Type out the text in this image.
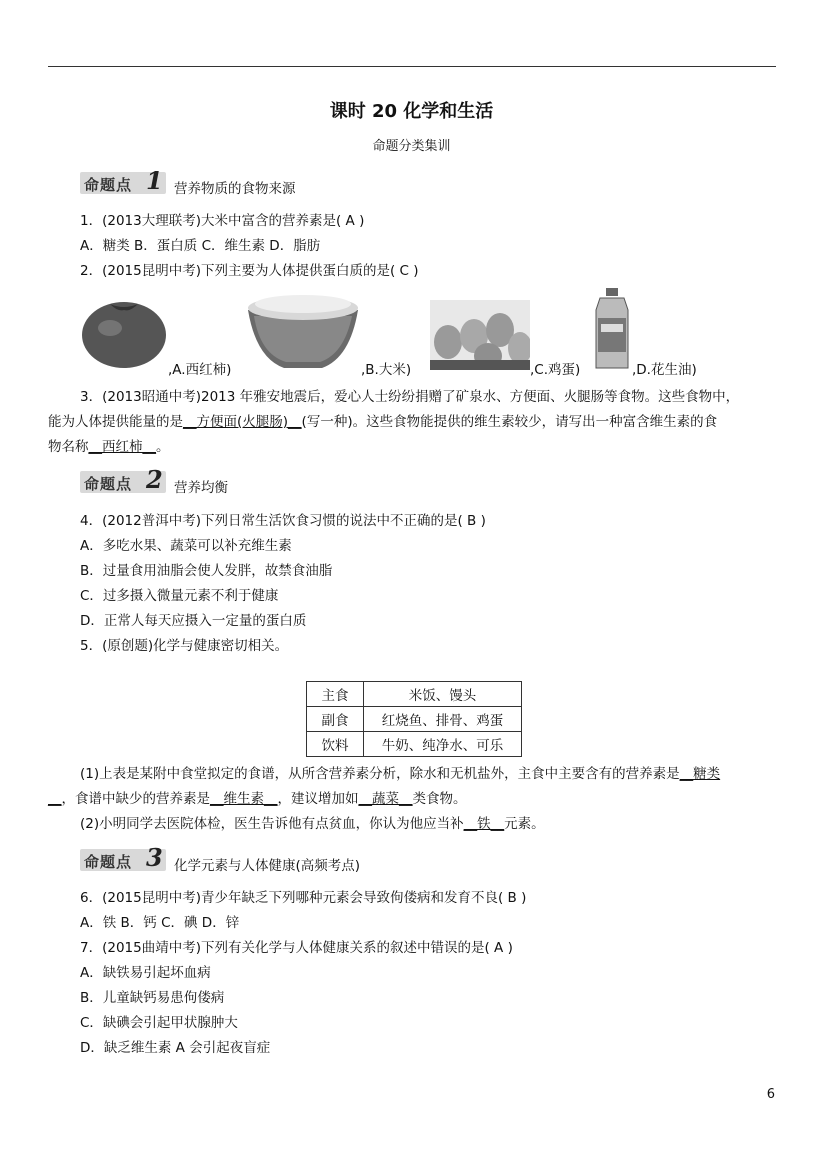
课时 20 化学和生活
命题分类集训
命题点 1 营养物质的食物来源
1．(2013大理联考)大米中富含的营养素是( A )
A．糖类 B．蛋白质 C．维生素 D．脂肪
2．(2015昆明中考)下列主要为人体提供蛋白质的是( C )
,A.西红柿)	,B.大米)	,C.鸡蛋)	,D.花生油)
3．(2013昭通中考)2013 年雅安地震后，爱心人士纷纷捐赠了矿泉水、方便面、火腿肠等食物。这些食物中，
能为人体提供能量的是__方便面(火腿肠)__(写一种)。这些食物能提供的维生素较少，请写出一种富含维生素的食
物名称__西红柿__。
命题点 2 营养均衡
4．(2012普洱中考)下列日常生活饮食习惯的说法中不正确的是( B )
A．多吃水果、蔬菜可以补充维生素
B．过量食用油脂会使人发胖，故禁食油脂
C．过多摄入微量元素不利于健康
D．正常人每天应摄入一定量的蛋白质
5．(原创题)化学与健康密切相关。
主食	米饭、馒头
副食	红烧鱼、排骨、鸡蛋
饮料	牛奶、纯净水、可乐
(1)上表是某附中食堂拟定的食谱，从所含营养素分析，除水和无机盐外，主食中主要含有的营养素是__糖类
__，食谱中缺少的营养素是__维生素__，建议增加如__蔬菜__类食物。
(2)小明同学去医院体检，医生告诉他有点贫血，你认为他应当补__铁__元素。
命题点 3 化学元素与人体健康(高频考点)
6．(2015昆明中考)青少年缺乏下列哪种元素会导致佝偻病和发育不良( B )
A．铁 B．钙 C．碘 D．锌
7．(2015曲靖中考)下列有关化学与人体健康关系的叙述中错误的是( A )
A．缺铁易引起坏血病
B．儿童缺钙易患佝偻病
C．缺碘会引起甲状腺肿大
D．缺乏维生素 A 会引起夜盲症
6
